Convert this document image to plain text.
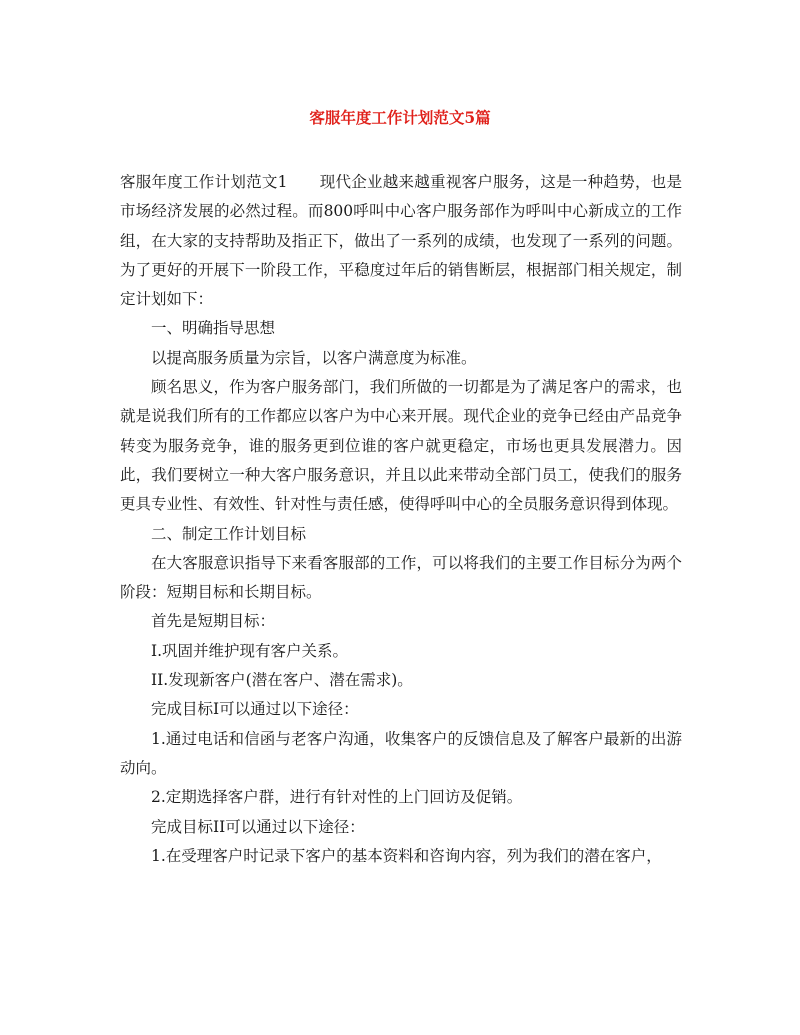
客服年度工作计划范文5篇

客服年度工作计划范文1 现代企业越来越重视客户服务，这是一种趋势，也是市场经济发展的必然过程。而800呼叫中心客户服务部作为呼叫中心新成立的工作组，在大家的支持帮助及指正下，做出了一系列的成绩，也发现了一系列的问题。为了更好的开展下一阶段工作，平稳度过年后的销售断层，根据部门相关规定，制定计划如下：

一、明确指导思想

以提高服务质量为宗旨，以客户满意度为标准。

顾名思义，作为客户服务部门，我们所做的一切都是为了满足客户的需求，也就是说我们所有的工作都应以客户为中心来开展。现代企业的竞争已经由产品竞争转变为服务竞争，谁的服务更到位谁的客户就更稳定，市场也更具发展潜力。因此，我们要树立一种大客户服务意识，并且以此来带动全部门员工，使我们的服务更具专业性、有效性、针对性与责任感，使得呼叫中心的全员服务意识得到体现。

二、制定工作计划目标

在大客服意识指导下来看客服部的工作，可以将我们的主要工作目标分为两个阶段：短期目标和长期目标。

首先是短期目标：

I.巩固并维护现有客户关系。

II.发现新客户(潜在客户、潜在需求)。

完成目标I可以通过以下途径：

1.通过电话和信函与老客户沟通，收集客户的反馈信息及了解客户最新的出游动向。

2.定期选择客户群，进行有针对性的上门回访及促销。

完成目标II可以通过以下途径：

1.在受理客户时记录下客户的基本资料和咨询内容，列为我们的潜在客户，
